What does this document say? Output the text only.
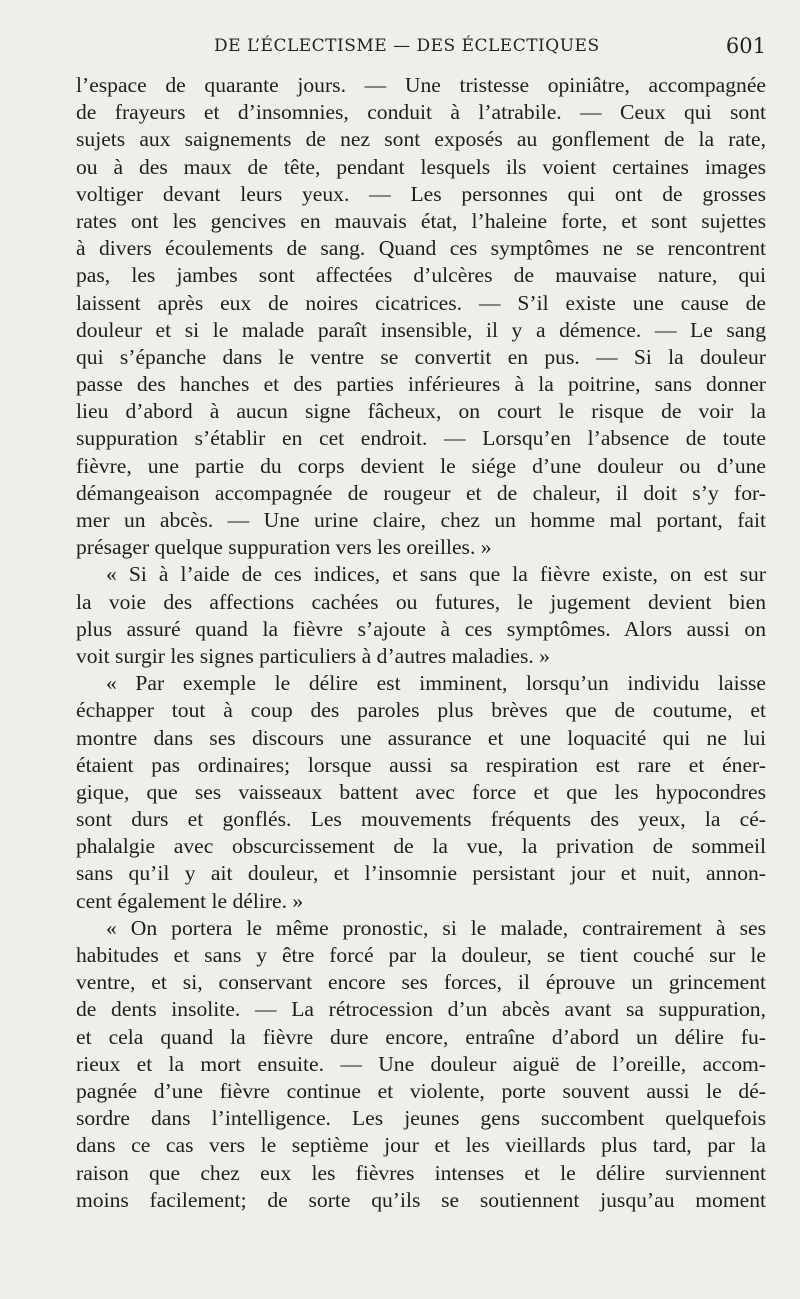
DE L’ÉCLECTISME — DES ÉCLECTIQUES	601
l’espace de quarante jours. — Une tristesse opiniâtre, accompagnée
de frayeurs et d’insomnies, conduit à l’atrabile. — Ceux qui sont
sujets aux saignements de nez sont exposés au gonflement de la rate,
ou à des maux de tête, pendant lesquels ils voient certaines images
voltiger devant leurs yeux. — Les personnes qui ont de grosses
rates ont les gencives en mauvais état, l’haleine forte, et sont sujettes
à divers écoulements de sang. Quand ces symptômes ne se rencontrent
pas, les jambes sont affectées d’ulcères de mauvaise nature, qui
laissent après eux de noires cicatrices. — S’il existe une cause de
douleur et si le malade paraît insensible, il y a démence. — Le sang
qui s’épanche dans le ventre se convertit en pus. — Si la douleur
passe des hanches et des parties inférieures à la poitrine, sans donner
lieu d’abord à aucun signe fâcheux, on court le risque de voir la
suppuration s’établir en cet endroit. — Lorsqu’en l’absence de toute
fièvre, une partie du corps devient le siége d’une douleur ou d’une
démangeaison accompagnée de rougeur et de chaleur, il doit s’y for-
mer un abcès. — Une urine claire, chez un homme mal portant, fait
présager quelque suppuration vers les oreilles. »
« Si à l’aide de ces indices, et sans que la fièvre existe, on est sur
la voie des affections cachées ou futures, le jugement devient bien
plus assuré quand la fièvre s’ajoute à ces symptômes. Alors aussi on
voit surgir les signes particuliers à d’autres maladies. »
« Par exemple le délire est imminent, lorsqu’un individu laisse
échapper tout à coup des paroles plus brèves que de coutume, et
montre dans ses discours une assurance et une loquacité qui ne lui
étaient pas ordinaires; lorsque aussi sa respiration est rare et éner-
gique, que ses vaisseaux battent avec force et que les hypocondres
sont durs et gonflés. Les mouvements fréquents des yeux, la cé-
phalalgie avec obscurcissement de la vue, la privation de sommeil
sans qu’il y ait douleur, et l’insomnie persistant jour et nuit, annon-
cent également le délire. »
« On portera le même pronostic, si le malade, contrairement à ses
habitudes et sans y être forcé par la douleur, se tient couché sur le
ventre, et si, conservant encore ses forces, il éprouve un grincement
de dents insolite. — La rétrocession d’un abcès avant sa suppuration,
et cela quand la fièvre dure encore, entraîne d’abord un délire fu-
rieux et la mort ensuite. — Une douleur aiguë de l’oreille, accom-
pagnée d’une fièvre continue et violente, porte souvent aussi le dé-
sordre dans l’intelligence. Les jeunes gens succombent quelquefois
dans ce cas vers le septième jour et les vieillards plus tard, par la
raison que chez eux les fièvres intenses et le délire surviennent
moins facilement; de sorte qu’ils se soutiennent jusqu’au moment
